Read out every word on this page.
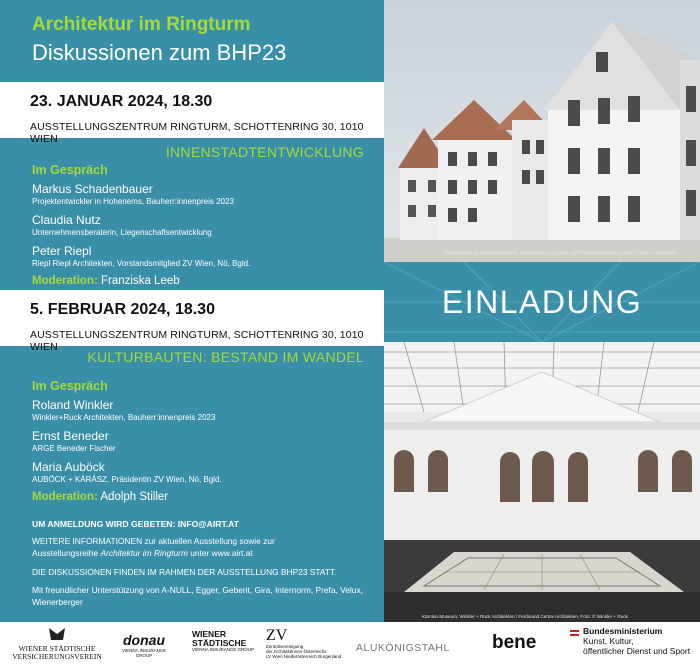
Architektur im Ringturm
Diskussionen zum BHP23
23. JANUAR 2024, 18.30
AUSSTELLUNGSZENTRUM RINGTURM, SCHOTTENRING 30, 1010 WIEN
INNENSTADTENTWICKLUNG
Im Gespräch
Markus Schadenbauer
Projektentwickler in Hohenems, Bauherr:innenpreis 2023
Claudia Nutz
Unternehmensberaterin, Liegenschaftsentwicklung
Peter Riepl
Riepl Riepl Architekten, Vorstandsmitglied ZV Wien, Nö, Bgld.
Moderation: Franziska Leeb
5. FEBRUAR 2024, 18.30
AUSSTELLUNGSZENTRUM RINGTURM, SCHOTTENRING 30, 1010 WIEN
KULTURBAUTEN: BESTAND IM WANDEL
Im Gespräch
Roland Winkler
Winkler+Ruck Architekten, Bauherr:innenpreis 2023
Ernst Beneder
ARGE Beneder Fischer
Maria Auböck
AUBÖCK + KÁRÁSZ, Präsidentin ZV Wien, Nö, Bgld.
Moderation: Adolph Stiller
UM ANMELDUNG WIRD GEBETEN: INFO@AIRT.AT

WEITERE INFORMATIONEN zur aktuellen Ausstellung sowie zur
Ausstellungsreihe Architektur im Ringturm unter www.airt.at

DIE DISKUSSIONEN FINDEN IM RAHMEN DER AUSSTELLUNG BHP23 STATT.

Mit freundlicher Unterstützung von A-NULL, Egger, Geberit, Gira, Internorm, Prefa, Velux, Wienerberger

Wiederbelebung Altstadt Hohenems, Schadenbauer Quartier- und Projektentwicklungs GmbH © Karin Nussbaumer
EINLADUNG
Kärnten.Museum, Winkler + Ruck Architekten / Ferdinand Certov Architekten, Foto: © Winkler + Ruck
WIENER STÄDTISCHE
VERSICHERUNGSVEREIN
donau
VIENNA INSURANCE GROUP
WIENER
STÄDTISCHE
VIENNA INSURANCE GROUP
ZV
Zentralvereinigung
der ArchitektInnen Österreichs
LV Wien Niederösterreich Burgenland
ALUKÖNIGSTAHL	bene
Bundesministerium
Kunst, Kultur,
öffentlicher Dienst und Sport
